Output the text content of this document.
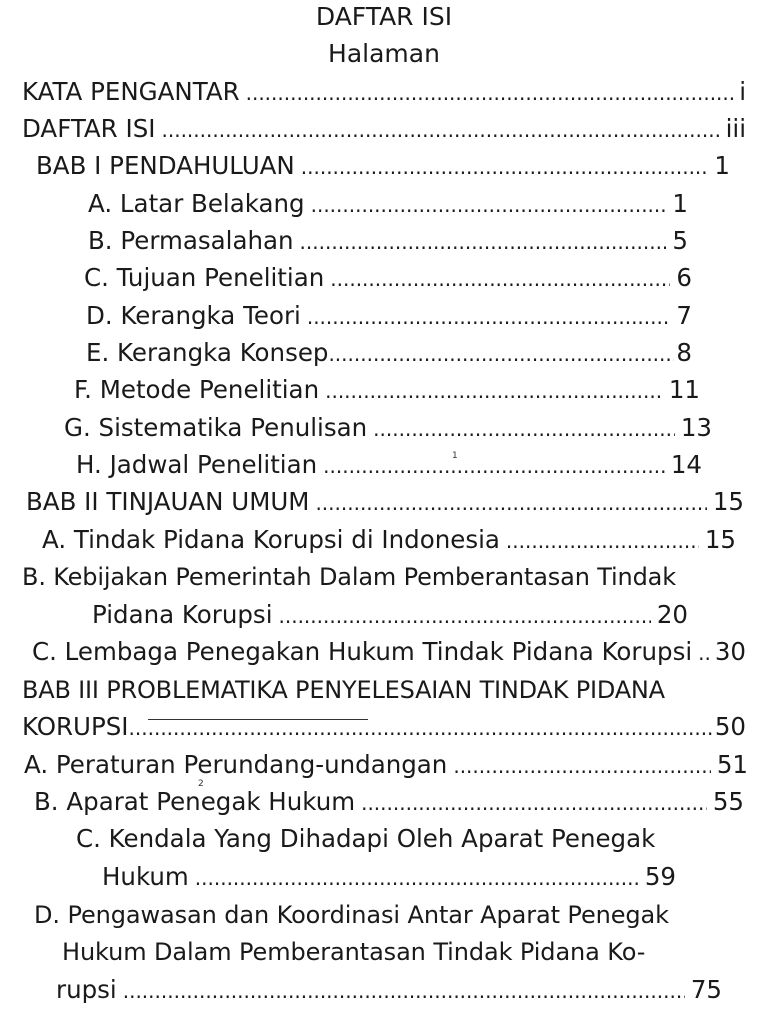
DAFTAR ISI
Halaman
KATA PENGANTAR .....	i
DAFTAR ISI .....	iii
BAB I PENDAHULUAN .....	1
A. Latar Belakang .....	1
B. Permasalahan .....	5
C. Tujuan Penelitian .....	6
D. Kerangka Teori .....	7
E. Kerangka Konsep .....	8
F. Metode Penelitian .....	11
G. Sistematika Penulisan .....	13
H. Jadwal Penelitian .....	14
1
BAB II TINJAUAN UMUM .....	15
A. Tindak Pidana Korupsi di Indonesia .....	15
B. Kebijakan Pemerintah Dalam Pemberantasan Tindak
Pidana Korupsi .....	20
C. Lembaga Penegakan Hukum Tindak Pidana Korupsi ..... 30
BAB III PROBLEMATIKA PENYELESAIAN TINDAK PIDANA
KORUPSI .....	50
A. Peraturan Perundang-undangan .....	51
2
B. Aparat Penegak Hukum .....	55
C. Kendala Yang Dihadapi Oleh Aparat Penegak
Hukum .....	59
D. Pengawasan dan Koordinasi Antar Aparat Penegak
Hukum Dalam Pemberantasan Tindak Pidana Ko-
rupsi .....	75
